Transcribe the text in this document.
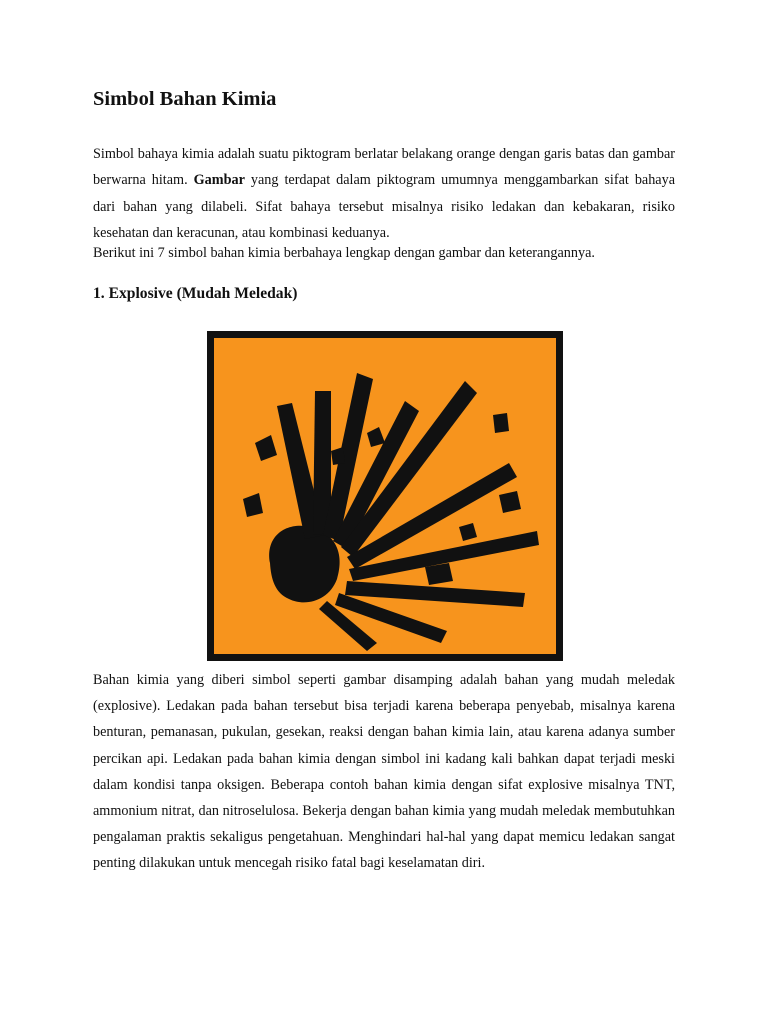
Simbol Bahan Kimia

Simbol bahaya kimia adalah suatu piktogram berlatar belakang orange dengan garis batas dan gambar berwarna hitam. Gambar yang terdapat dalam piktogram umumnya menggambarkan sifat bahaya dari bahan yang dilabeli. Sifat bahaya tersebut misalnya risiko ledakan dan kebakaran, risiko kesehatan dan keracunan, atau kombinasi keduanya.

Berikut ini 7 simbol bahan kimia berbahaya lengkap dengan gambar dan keterangannya.

1. Explosive (Mudah Meledak)

Bahan kimia yang diberi simbol seperti gambar disamping adalah bahan yang mudah meledak (explosive). Ledakan pada bahan tersebut bisa terjadi karena beberapa penyebab, misalnya karena benturan, pemanasan, pukulan, gesekan, reaksi dengan bahan kimia lain, atau karena adanya sumber percikan api. Ledakan pada bahan kimia dengan simbol ini kadang kali bahkan dapat terjadi meski dalam kondisi tanpa oksigen. Beberapa contoh bahan kimia dengan sifat explosive misalnya TNT, ammonium nitrat, dan nitroselulosa. Bekerja dengan bahan kimia yang mudah meledak membutuhkan pengalaman praktis sekaligus pengetahuan. Menghindari hal-hal yang dapat memicu ledakan sangat penting dilakukan untuk mencegah risiko fatal bagi keselamatan diri.
